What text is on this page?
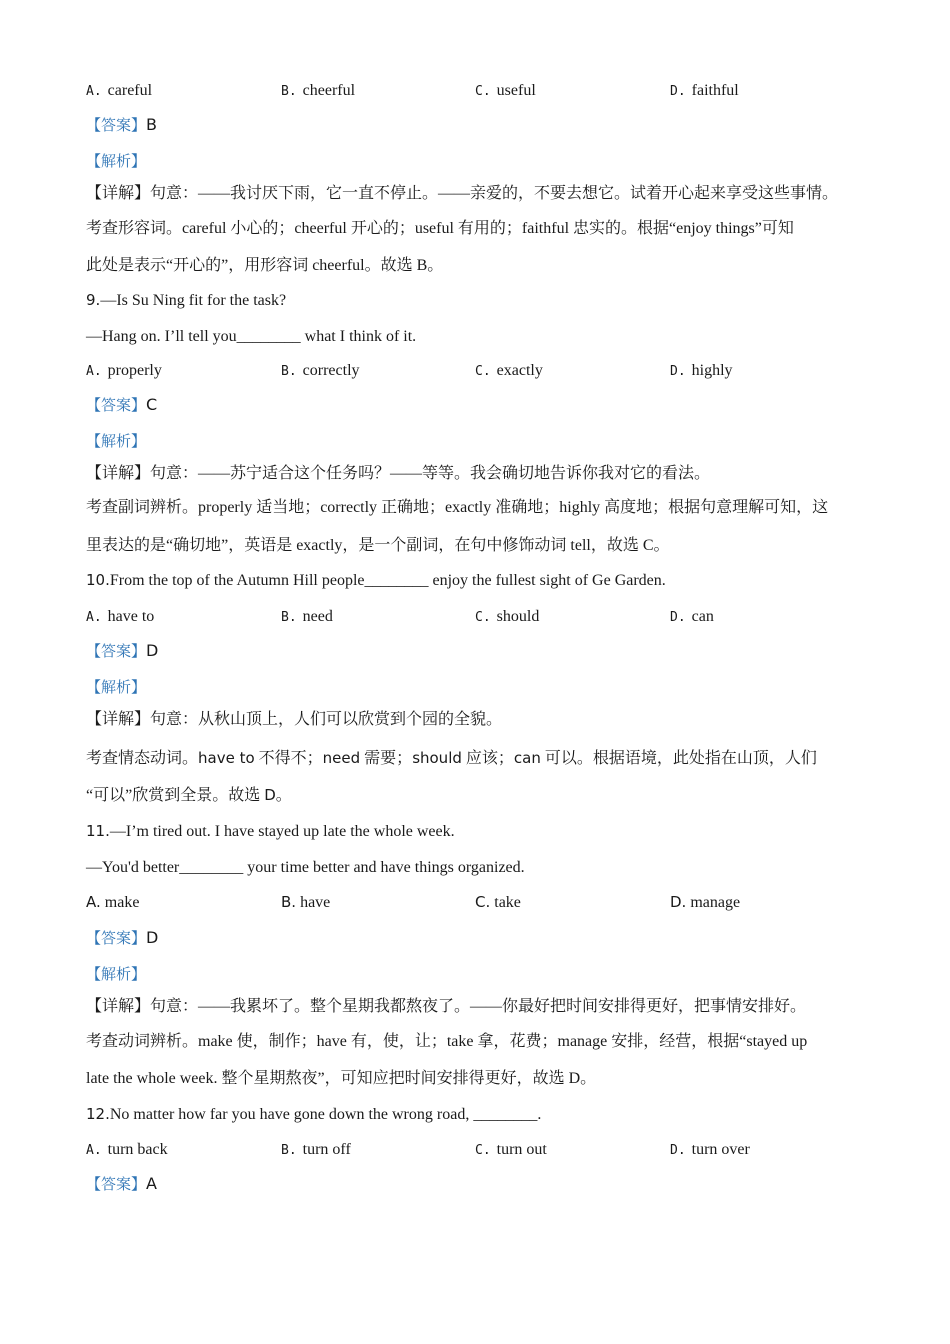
A. careful	B. cheerful	C. useful	D. faithful
【答案】B
【解析】
【详解】句意：——我讨厌下雨，它一直不停止。——亲爱的，不要去想它。试着开心起来享受这些事情。
考查形容词。careful 小心的；cheerful 开心的；useful 有用的；faithful 忠实的。根据“enjoy things”可知
此处是表示“开心的”，用形容词 cheerful。故选 B。
9.—Is Su Ning fit for the task?
—Hang on. I’ll tell you________ what I think of it.
A. properly	B. correctly	C. exactly	D. highly
【答案】C
【解析】
【详解】句意：——苏宁适合这个任务吗？——等等。我会确切地告诉你我对它的看法。
考查副词辨析。properly 适当地；correctly 正确地；exactly 准确地；highly 高度地；根据句意理解可知，这
里表达的是“确切地”，英语是 exactly，是一个副词，在句中修饰动词 tell，故选 C。
10.From the top of the Autumn Hill people________ enjoy the fullest sight of Ge Garden.
A. have to	B. need	C. should	D. can
【答案】D
【解析】
【详解】句意：从秋山顶上，人们可以欣赏到个园的全貌。
考查情态动词。have to 不得不；need 需要；should 应该；can 可以。根据语境，此处指在山顶，人们
“可以”欣赏到全景。故选 D。
11.—I’m tired out. I have stayed up late the whole week.
—You'd better________ your time better and have things organized.
A. make	B. have	C. take	D. manage
【答案】D
【解析】
【详解】句意：——我累坏了。整个星期我都熬夜了。——你最好把时间安排得更好，把事情安排好。
考查动词辨析。make 使，制作；have 有，使，让；take 拿，花费；manage 安排，经营，根据“stayed up
late the whole week. 整个星期熬夜”，可知应把时间安排得更好，故选 D。
12.No matter how far you have gone down the wrong road, ________.
A. turn back	B. turn off	C. turn out	D. turn over
【答案】A
